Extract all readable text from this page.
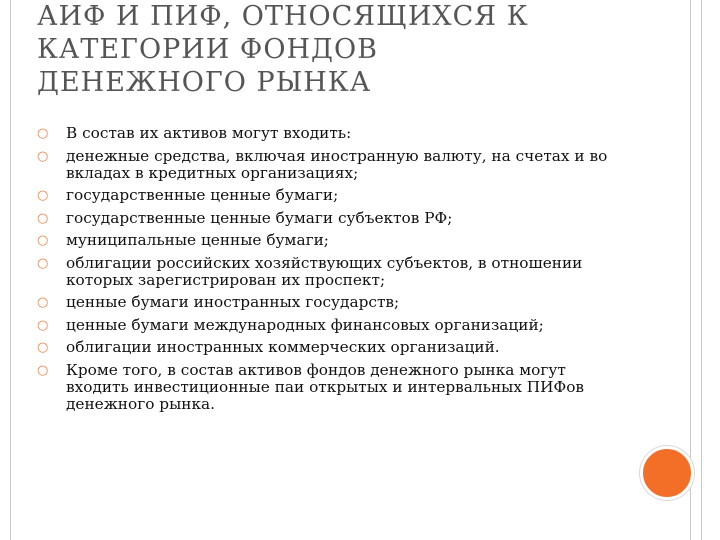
АИФ И ПИФ, ОТНОСЯЩИХСЯ К
КАТЕГОРИИ ФОНДОВ
ДЕНЕЖНОГО РЫНКА
○ В состав их активов могут входить:
○ денежные средства, включая иностранную валюту, на счетах и во вкладах в кредитных организациях;
○ государственные ценные бумаги;
○ государственные ценные бумаги субъектов РФ;
○ муниципальные ценные бумаги;
○ облигации российских хозяйствующих субъектов, в отношении которых зарегистрирован их проспект;
○ ценные бумаги иностранных государств;
○ ценные бумаги международных финансовых организаций;
○ облигации иностранных коммерческих организаций.
○ Кроме того, в состав активов фондов денежного рынка могут входить инвестиционные паи открытых и интервальных ПИФов денежного рынка.
